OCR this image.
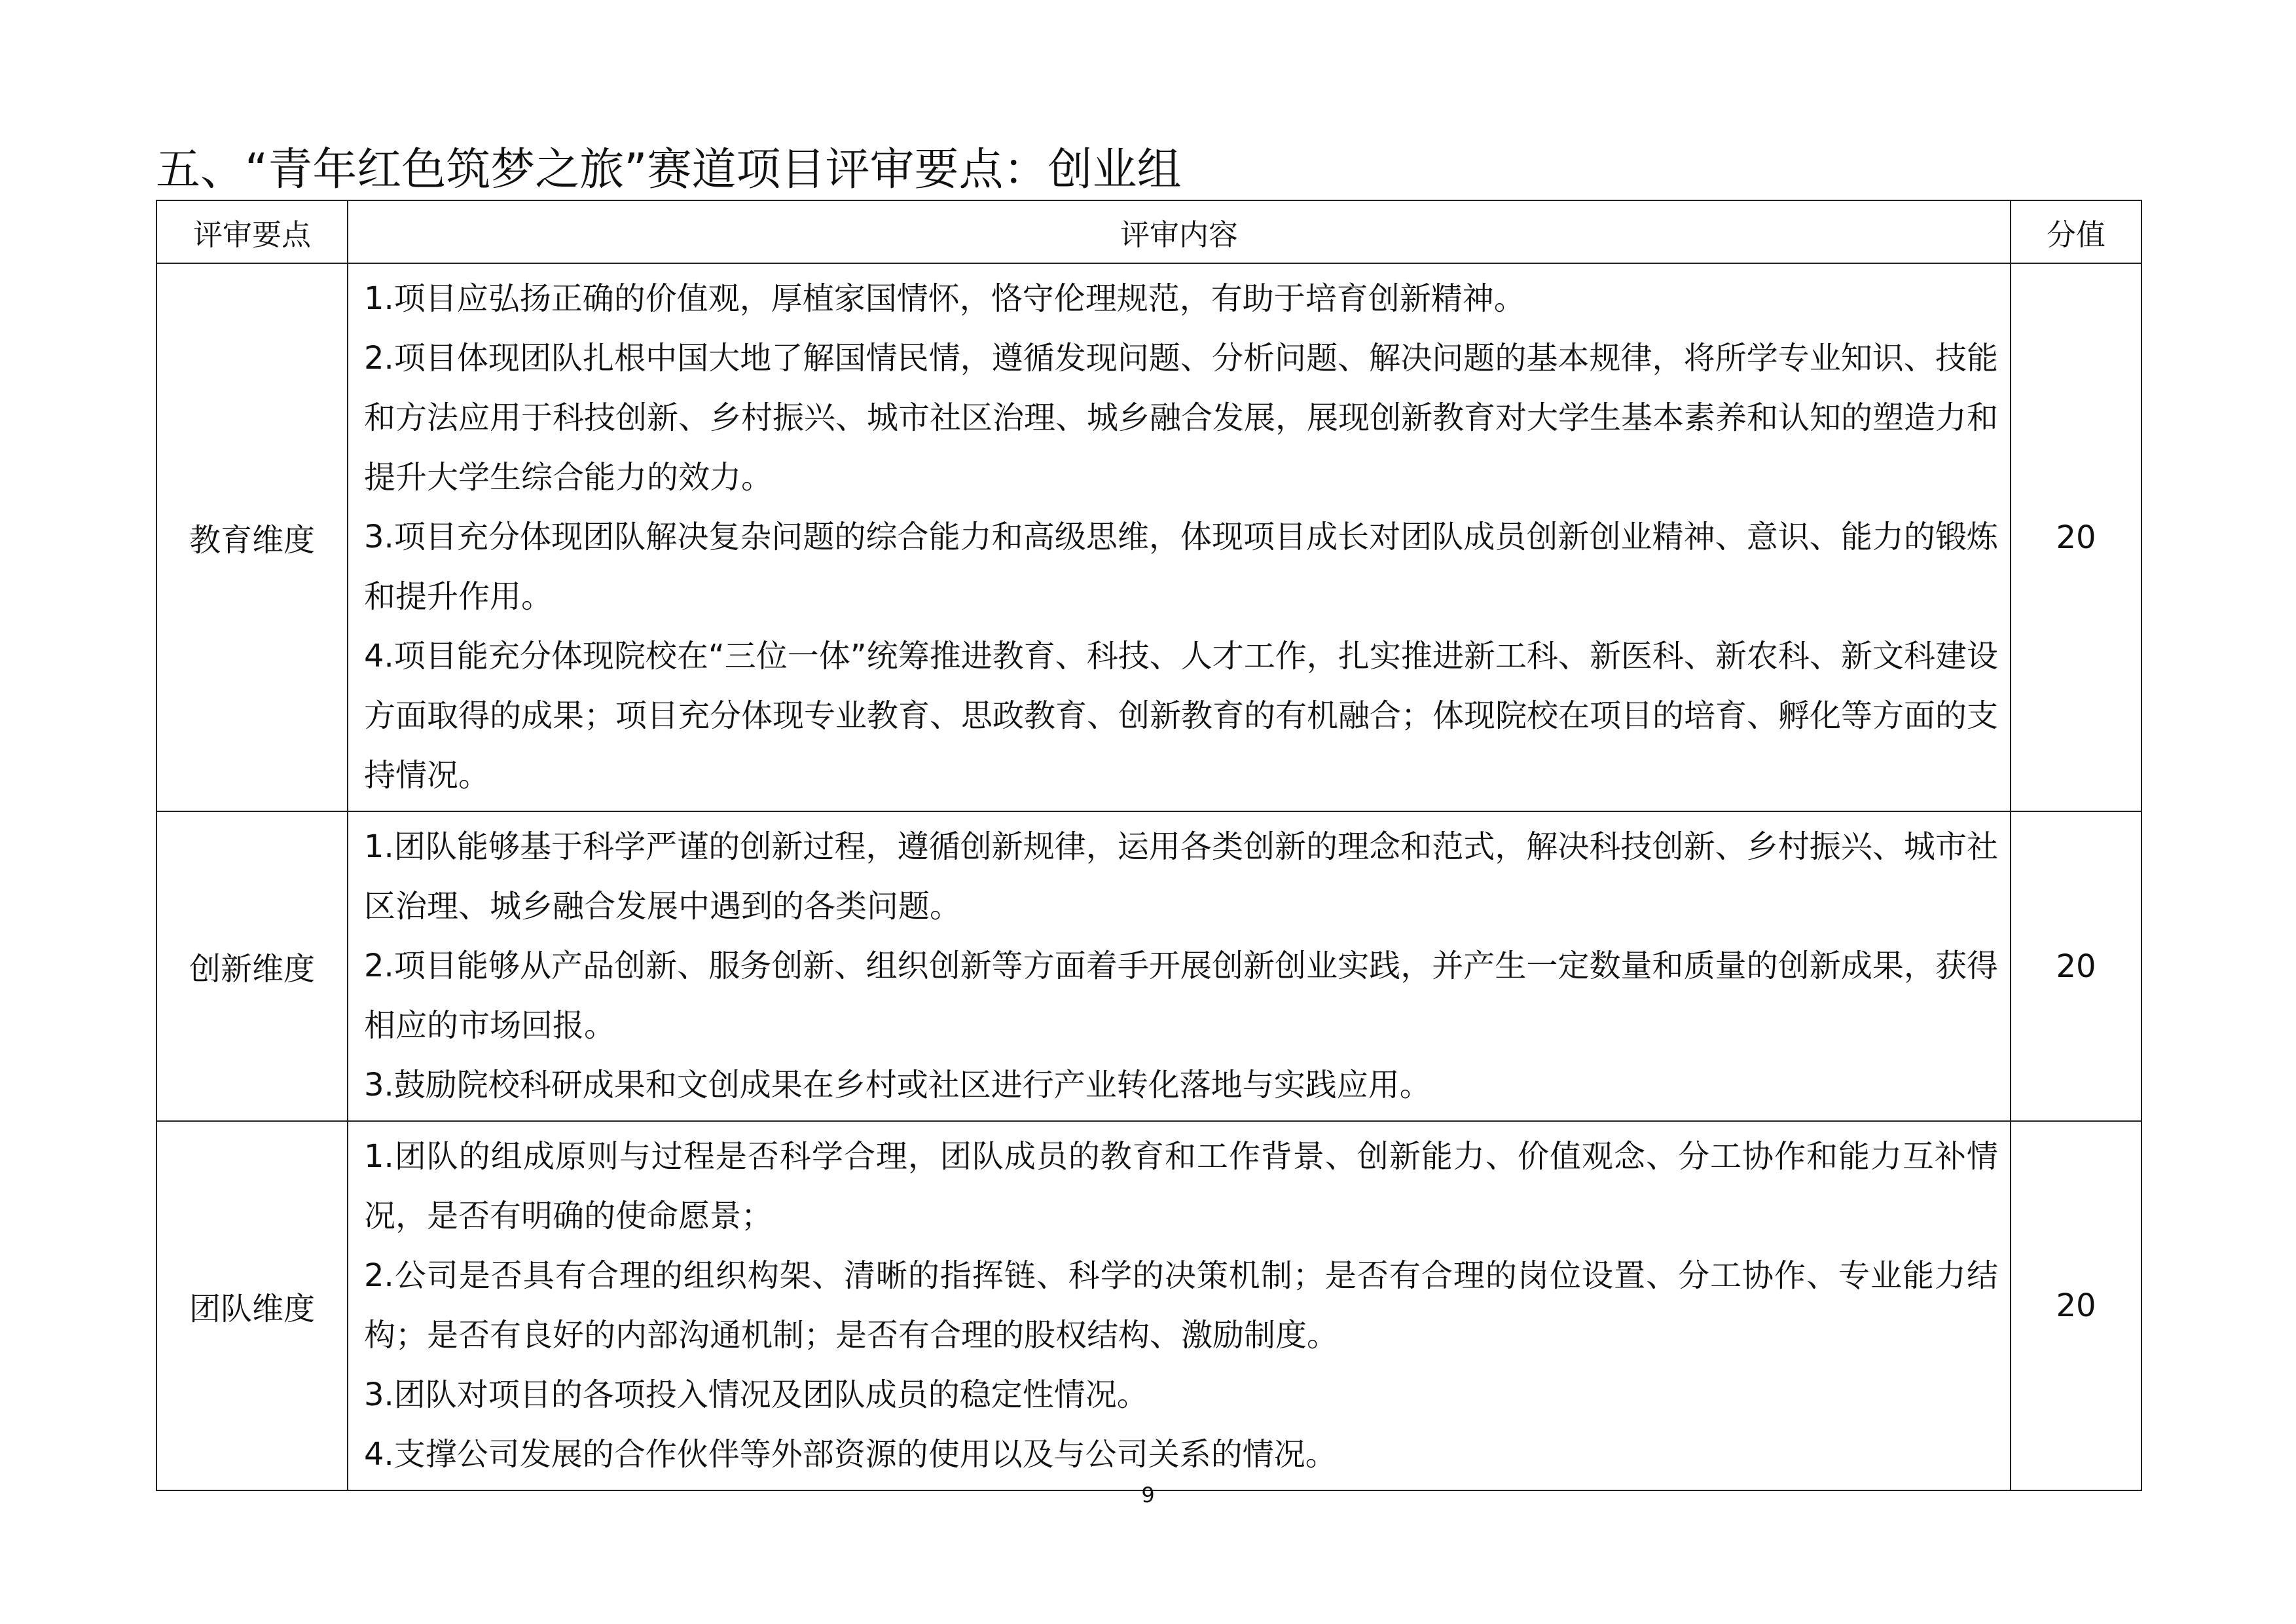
五、“青年红色筑梦之旅”赛道项目评审要点：创业组
评审要点	评审内容	分值
教育维度	1.项目应弘扬正确的价值观，厚植家国情怀，恪守伦理规范，有助于培育创新精神。

2.项目体现团队扎根中国大地了解国情民情，遵循发现问题、分析问题、解决问题的基本规律，将所学专业知识、技能和方法应用于科技创新、乡村振兴、城市社区治理、城乡融合发展，展现创新教育对大学生基本素养和认知的塑造力和提升大学生综合能力的效力。

3.项目充分体现团队解决复杂问题的综合能力和高级思维，体现项目成长对团队成员创新创业精神、意识、能力的锻炼和提升作用。

4.项目能充分体现院校在“三位一体”统筹推进教育、科技、人才工作，扎实推进新工科、新医科、新农科、新文科建设方面取得的成果；项目充分体现专业教育、思政教育、创新教育的有机融合；体现院校在项目的培育、孵化等方面的支持情况。	20
创新维度	1.团队能够基于科学严谨的创新过程，遵循创新规律，运用各类创新的理念和范式，解决科技创新、乡村振兴、城市社区治理、城乡融合发展中遇到的各类问题。

2.项目能够从产品创新、服务创新、组织创新等方面着手开展创新创业实践，并产生一定数量和质量的创新成果，获得相应的市场回报。

3.鼓励院校科研成果和文创成果在乡村或社区进行产业转化落地与实践应用。	20
团队维度	1.团队的组成原则与过程是否科学合理，团队成员的教育和工作背景、创新能力、价值观念、分工协作和能力互补情况，是否有明确的使命愿景；

2.公司是否具有合理的组织构架、清晰的指挥链、科学的决策机制；是否有合理的岗位设置、分工协作、专业能力结构；是否有良好的内部沟通机制；是否有合理的股权结构、激励制度。

3.团队对项目的各项投入情况及团队成员的稳定性情况。

4.支撑公司发展的合作伙伴等外部资源的使用以及与公司关系的情况。	20
9
